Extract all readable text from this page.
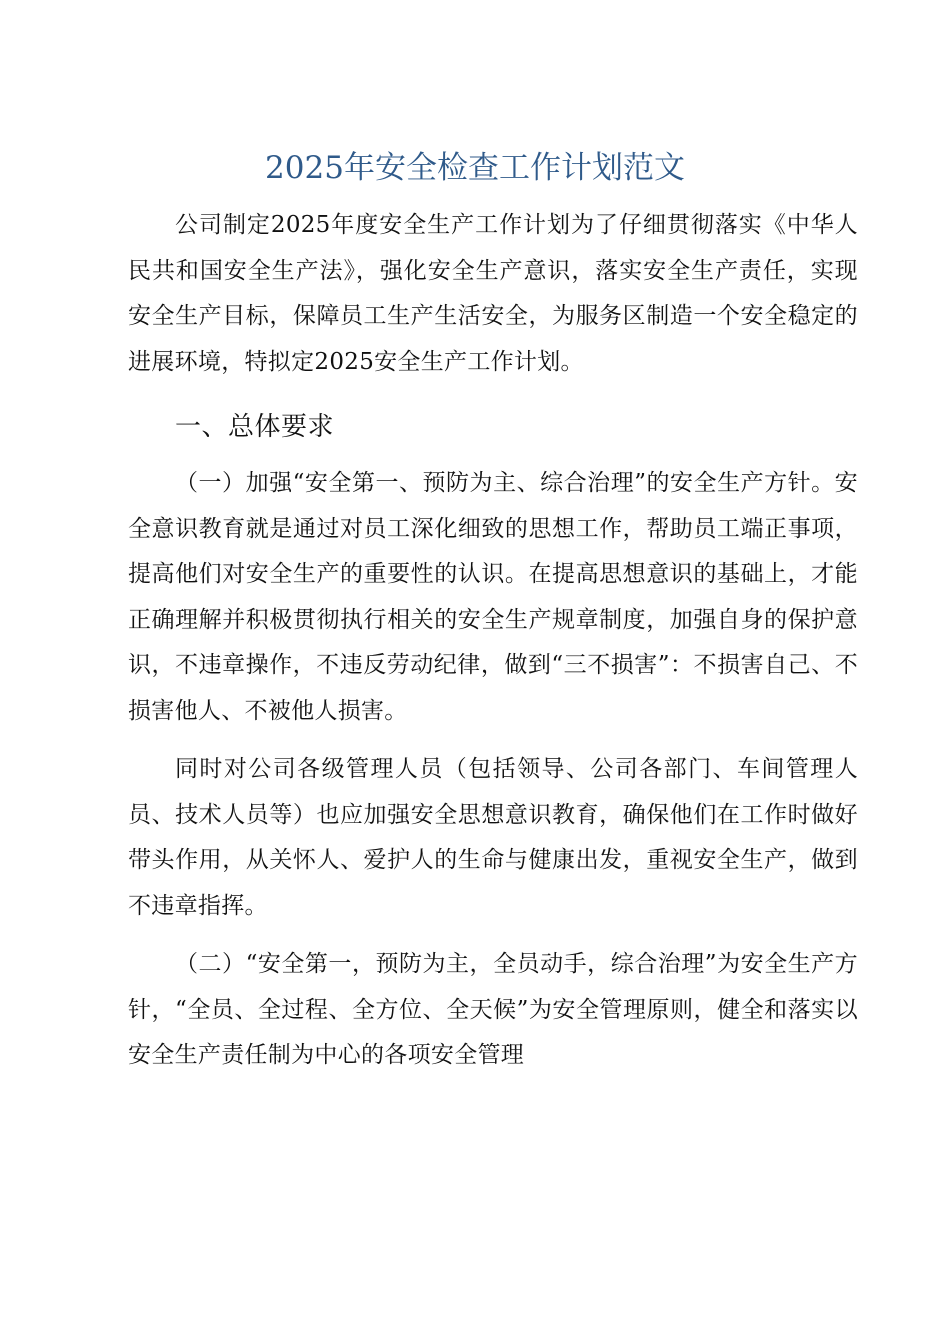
2025年安全检查工作计划范文

公司制定2025年度安全生产工作计划为了仔细贯彻落实《中华人民共和国安全生产法》，强化安全生产意识，落实安全生产责任，实现安全生产目标，保障员工生产生活安全，为服务区制造一个安全稳定的进展环境，特拟定2025安全生产工作计划。

一、总体要求

（一）加强“安全第一、预防为主、综合治理”的安全生产方针。安全意识教育就是通过对员工深化细致的思想工作，帮助员工端正事项，提高他们对安全生产的重要性的认识。在提高思想意识的基础上，才能正确理解并积极贯彻执行相关的安全生产规章制度，加强自身的保护意识，不违章操作，不违反劳动纪律，做到“三不损害”：不损害自己、不损害他人、不被他人损害。

同时对公司各级管理人员（包括领导、公司各部门、车间管理人员、技术人员等）也应加强安全思想意识教育，确保他们在工作时做好带头作用，从关怀人、爱护人的生命与健康出发，重视安全生产，做到不违章指挥。

（二）“安全第一，预防为主，全员动手，综合治理”为安全生产方针，“全员、全过程、全方位、全天候”为安全管理原则，健全和落实以安全生产责任制为中心的各项安全管理
